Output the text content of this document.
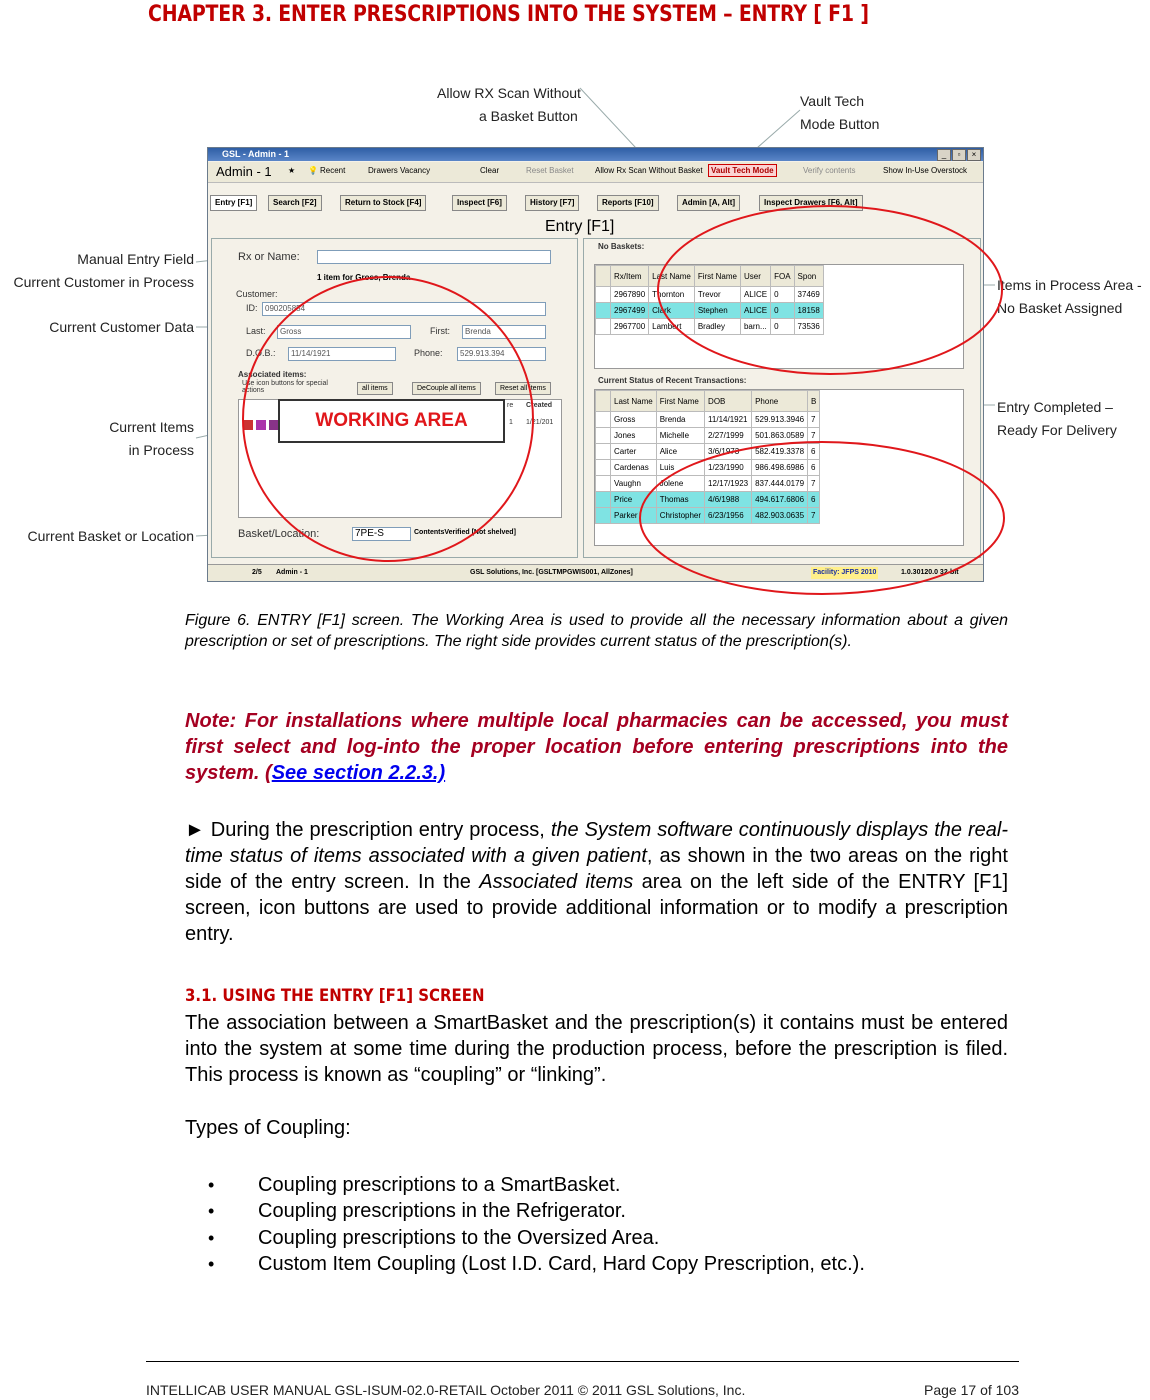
CHAPTER 3. ENTER PRESCRIPTIONS INTO THE SYSTEM – ENTRY [ F1 ]
Allow RX Scan Without
a Basket Button
Vault Tech
Mode Button
Manual Entry Field
Current Customer in Process
Current Customer Data
Current Items
in Process
Current Basket or Location
Items in Process Area -
No Basket Assigned
Entry Completed –
Ready For Delivery
GSL - Admin - 1	_	▫	×
Admin - 1 ★ 💡 Recent	Drawers Vacancy	Clear	Reset Basket	Allow Rx Scan Without Basket	Vault Tech Mode	Verify contents	Show In-Use Overstock
Entry [F1]	Search [F2]	Return to Stock [F4]	Inspect [F6]	History [F7]	Reports [F10]	Admin [A, Alt]	Inspect Drawers [F6, Alt]
Entry [F1]
Rx or Name:
1 item for Gross, Brenda
Customer:
ID: 090205854
Last:	Gross	First:	Brenda
D.O.B.:	11/14/1921	Phone:	529.913.394
Associated items:
Use icon buttons for special actions	all items	DeCouple all items	Reset all items
re Created
1 1/21/201
Basket/Location:	7PE-S	ContentsVerified [Not shelved]
No Baskets:
	Rx/Item	Last Name	First Name	User	FOA	Spon
	2967890	Thornton	Trevor	ALICE	0	37469
	2967499	Clark	Stephen	ALICE	0	18158
	2967700	Lambert	Bradley	barn...	0	73536
Current Status of Recent Transactions:
	Last Name	First Name	DOB	Phone	B
	Gross	Brenda	11/14/1921	529.913.3946	7
	Jones	Michelle	2/27/1999	501.863.0589	7
	Carter	Alice	3/6/1973	582.419.3378	6
	Cardenas	Luis	1/23/1990	986.498.6986	6
	Vaughn	Jolene	12/17/1923	837.444.0179	7
	Price	Thomas	4/6/1988	494.617.6806	6
	Parker	Christopher	6/23/1956	482.903.0635	7
2/5 Admin - 1	GSL Solutions, Inc. [GSLTMPGWIS001, AllZones]	Facility: JFPS 2010	1.0.30120.0 32-bit
WORKING AREA
Figure 6. ENTRY [F1] screen. The Working Area is used to provide all the necessary information about a given prescription or set of prescriptions. The right side provides current status of the prescription(s).
Note: For installations where multiple local pharmacies can be accessed, you must first select and log-into the proper location before entering prescriptions into the system. (See section 2.2.3.)
► During the prescription entry process, the System software continuously displays the real-time status of items associated with a given patient, as shown in the two areas on the right side of the entry screen. In the Associated items area on the left side of the ENTRY [F1] screen, icon buttons are used to provide additional information or to modify a prescription entry.
3.1. USING THE ENTRY [F1] SCREEN
The association between a SmartBasket and the prescription(s) it contains must be entered into the system at some time during the production process, before the prescription is filed. This process is known as “coupling” or “linking”.
Types of Coupling:
• Coupling prescriptions to a SmartBasket.
• Coupling prescriptions in the Refrigerator.
• Coupling prescriptions to the Oversized Area.
• Custom Item Coupling (Lost I.D. Card, Hard Copy Prescription, etc.).
INTELLICAB USER MANUAL GSL-ISUM-02.0-RETAIL October 2011 © 2011 GSL Solutions, Inc.	Page 17 of 103
